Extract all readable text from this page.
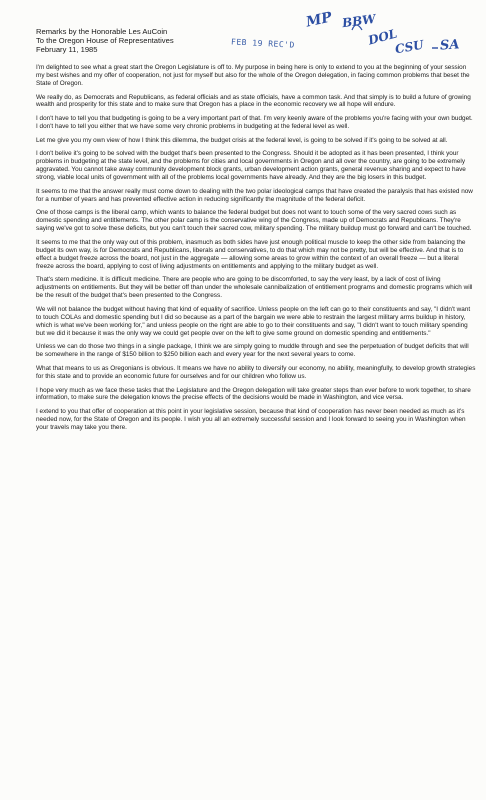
Remarks by the Honorable Les AuCoin
To the Oregon House of Representatives
February 11, 1985
FEB 19 REC'D
MP BBW
DOL
CSU SA

I'm delighted to see what a great start the Oregon Legislature is off to. My purpose in being here is only to extend to you at the beginning of your session my best wishes and my offer of cooperation, not just for myself but also for the whole of the Oregon delegation, in facing common problems that beset the State of Oregon.

We really do, as Democrats and Republicans, as federal officials and as state officials, have a common task. And that simply is to build a future of growing wealth and prosperity for this state and to make sure that Oregon has a place in the economic recovery we all hope will endure.

I don't have to tell you that budgeting is going to be a very important part of that. I'm very keenly aware of the problems you're facing with your own budget. I don't have to tell you either that we have some very chronic problems in budgeting at the federal level as well.

Let me give you my own view of how I think this dilemma, the budget crisis at the federal level, is going to be solved if it's going to be solved at all.

I don't belive it's going to be solved with the budget that's been presented to the Congress. Should it be adopted as it has been presented, I think your problems in budgeting at the state level, and the problems for cities and local governments in Oregon and all over the country, are going to be extremely aggravated. You cannot take away community development block grants, urban development action grants, general revenue sharing and expect to have strong, viable local units of government with all of the problems local governments have already. And they are the big losers in this budget.

It seems to me that the answer really must come down to dealing with the two polar ideological camps that have created the paralysis that has existed now for a number of years and has prevented effective action in reducing significantly the magnitude of the federal deficit.

One of those camps is the liberal camp, which wants to balance the federal budget but does not want to touch some of the very sacred cows such as domestic spending and entitlements. The other polar camp is the conservative wing of the Congress, made up of Democrats and Republicans. They're saying we've got to solve these deficits, but you can't touch their sacred cow, military spending. The military buildup must go forward and can't be touched.

It seems to me that the only way out of this problem, inasmuch as both sides have just enough political muscle to keep the other side from balancing the budget its own way, is for Democrats and Republicans, liberals and conservatives, to do that which may not be pretty, but will be effective. And that is to effect a budget freeze across the board, not just in the aggregate — allowing some areas to grow within the context of an overall freeze — but a literal freeze across the board, applying to cost of living adjustments on entitlements and applying to the military budget as well.

That's stern medicine. It is difficult medicine. There are people who are going to be discomforted, to say the very least, by a lack of cost of living adjustments on entitlements. But they will be better off than under the wholesale cannibalization of entitlement programs and domestic programs which will be the result of the budget that's been presented to the Congress.

We will not balance the budget without having that kind of equality of sacrifice. Unless people on the left can go to their constituents and say, "I didn't want to touch COLAs and domestic spending but I did so because as a part of the bargain we were able to restrain the largest military arms buildup in history, which is what we've been working for," and unless people on the right are able to go to their constituents and say, "I didn't want to touch military spending but we did it because it was the only way we could get people over on the left to give some ground on domestic spending and entitlements."

Unless we can do those two things in a single package, I think we are simply going to muddle through and see the perpetuation of budget deficits that will be somewhere in the range of $150 billion to $250 billion each and every year for the next several years to come.

What that means to us as Oregonians is obvious. It means we have no ability to diversify our economy, no ability, meaningfully, to develop growth strategies for this state and to provide an economic future for ourselves and for our children who follow us.

I hope very much as we face these tasks that the Legislature and the Oregon delegation will take greater steps than ever before to work together, to share information, to make sure the delegation knows the precise effects of the decisions would be made in Washington, and vice versa.

I extend to you that offer of cooperation at this point in your legislative session, because that kind of cooperation has never been needed as much as it's needed now, for the State of Oregon and its people. I wish you all an extremely successful session and I look forward to seeing you in Washington when your travels may take you there.
